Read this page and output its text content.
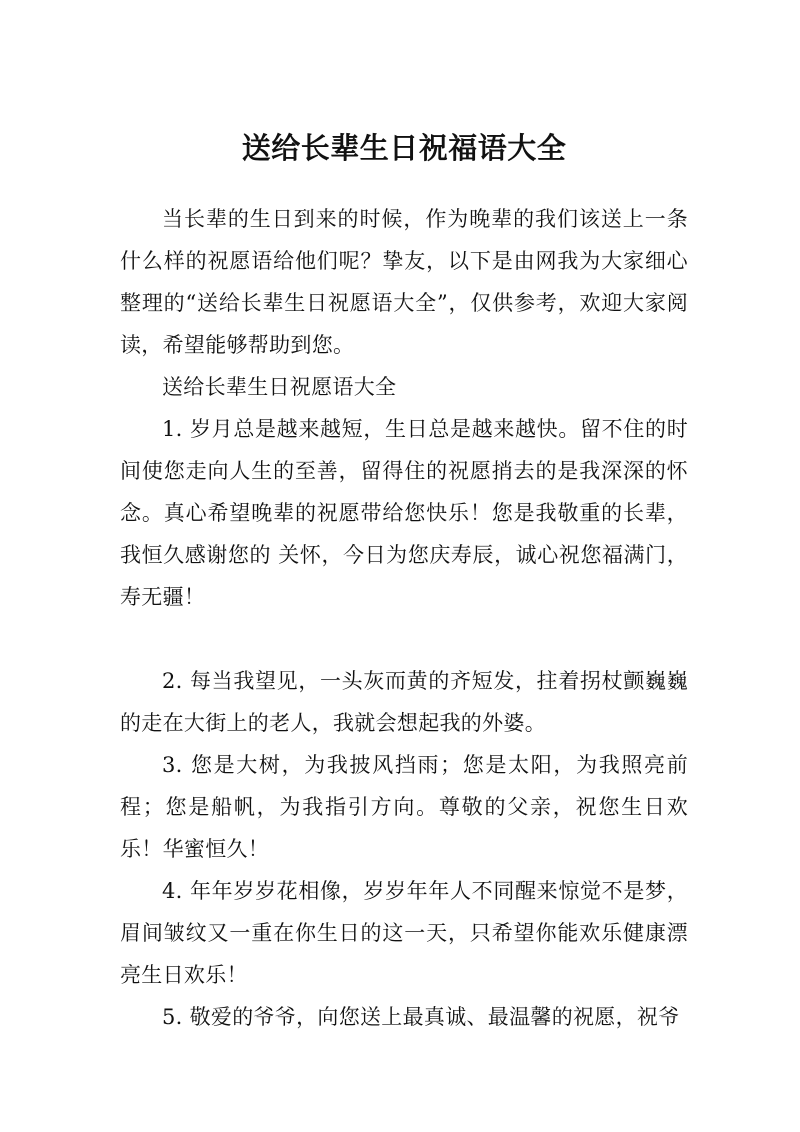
送给长辈生日祝福语大全

当长辈的生日到来的时候，作为晚辈的我们该送上一条什么样的祝愿语给他们呢？挚友，以下是由网我为大家细心整理的“送给长辈生日祝愿语大全”，仅供参考，欢迎大家阅读，希望能够帮助到您。

送给长辈生日祝愿语大全

1. 岁月总是越来越短，生日总是越来越快。留不住的时间使您走向人生的至善，留得住的祝愿捎去的是我深深的怀念。真心希望晚辈的祝愿带给您快乐！您是我敬重的长辈，我恒久感谢您的 关怀，今日为您庆寿辰，诚心祝您福满门，寿无疆！

2. 每当我望见，一头灰而黄的齐短发，拄着拐杖颤巍巍的走在大街上的老人，我就会想起我的外婆。

3. 您是大树，为我披风挡雨；您是太阳，为我照亮前程；您是船帆，为我指引方向。尊敬的父亲，祝您生日欢乐！华蜜恒久！

4. 年年岁岁花相像，岁岁年年人不同醒来惊觉不是梦，眉间皱纹又一重在你生日的这一天，只希望你能欢乐健康漂亮生日欢乐！

5. 敬爱的爷爷，向您送上最真诚、最温馨的祝愿，祝爷
